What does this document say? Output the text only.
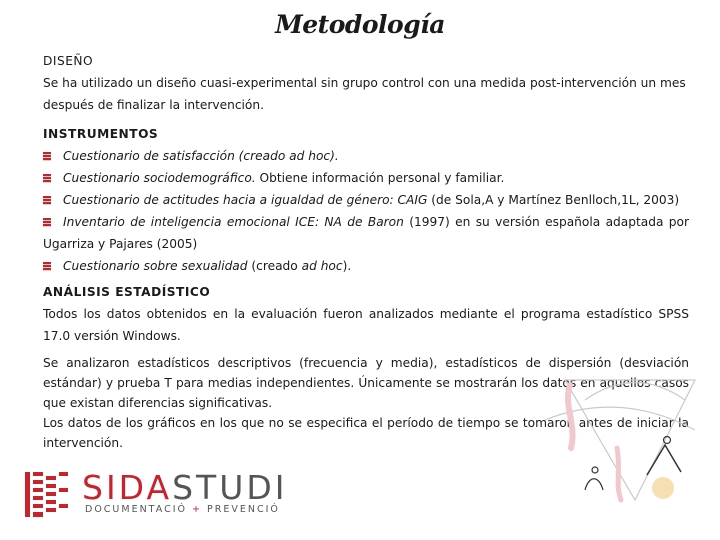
Metodología

DISEÑO

Se ha utilizado un diseño cuasi-experimental sin grupo control con una medida post-intervención un mes después de finalizar la intervención.

INSTRUMENTOS

Cuestionario de satisfacción (creado ad hoc).
Cuestionario sociodemográfico. Obtiene información personal y familiar.
Cuestionario de actitudes hacia a igualdad de género: CAIG (de Sola,A y Martínez Benlloch,1L, 2003)
Inventario de inteligencia emocional ICE: NA de Baron (1997) en su versión española adaptada por Ugarriza y Pajares (2005)
Cuestionario sobre sexualidad (creado ad hoc).

ANÁLISIS ESTADÍSTICO

Todos los datos obtenidos en la evaluación fueron analizados mediante el programa estadístico SPSS 17.0 versión Windows.

Se analizaron estadísticos descriptivos (frecuencia y media), estadísticos de dispersión (desviación estándar) y prueba T para medias independientes. Únicamente se mostrarán los datos en aquellos casos que existan diferencias significativas.

Los datos de los gráficos en los que no se especifica el período de tiempo se tomaron antes de iniciar la intervención.

SIDASTUDI
DOCUMENTACIÓ + PREVENCIÓ
